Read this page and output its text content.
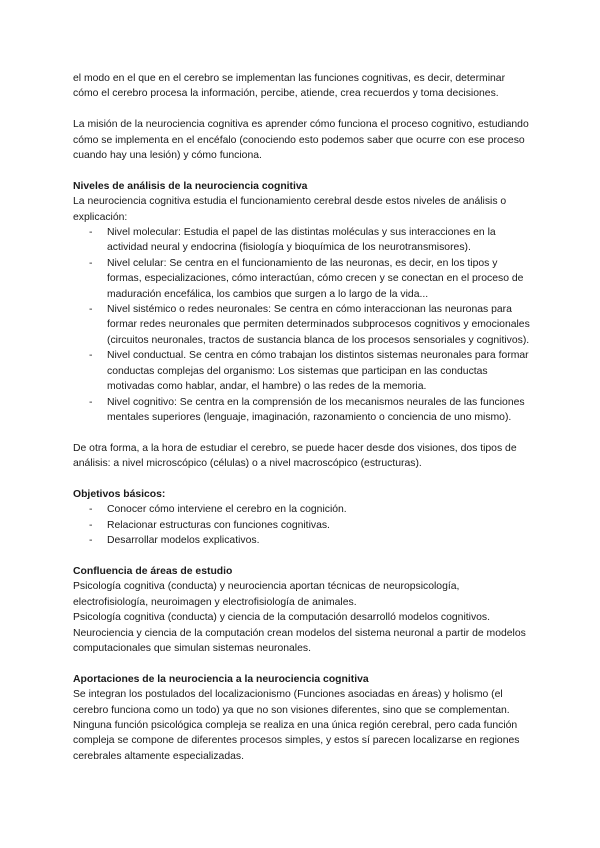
el modo en el que en el cerebro se implementan las funciones cognitivas, es decir, determinar cómo el cerebro procesa la información, percibe, atiende, crea recuerdos y toma decisiones.

La misión de la neurociencia cognitiva es aprender cómo funciona el proceso cognitivo, estudiando cómo se implementa en el encéfalo (conociendo esto podemos saber que ocurre con ese proceso cuando hay una lesión) y cómo funciona.

Niveles de análisis de la neurociencia cognitiva

La neurociencia cognitiva estudia el funcionamiento cerebral desde estos niveles de análisis o explicación:

- Nivel molecular: Estudia el papel de las distintas moléculas y sus interacciones en la actividad neural y endocrina (fisiología y bioquímica de los neurotransmisores).
- Nivel celular: Se centra en el funcionamiento de las neuronas, es decir, en los tipos y formas, especializaciones, cómo interactúan, cómo crecen y se conectan en el proceso de maduración encefálica, los cambios que surgen a lo largo de la vida...
- Nivel sistémico o redes neuronales: Se centra en cómo interaccionan las neuronas para formar redes neuronales que permiten determinados subprocesos cognitivos y emocionales (circuitos neuronales, tractos de sustancia blanca de los procesos sensoriales y cognitivos).
- Nivel conductual. Se centra en cómo trabajan los distintos sistemas neuronales para formar conductas complejas del organismo: Los sistemas que participan en las conductas motivadas como hablar, andar, el hambre) o las redes de la memoria.
- Nivel cognitivo: Se centra en la comprensión de los mecanismos neurales de las funciones mentales superiores (lenguaje, imaginación, razonamiento o conciencia de uno mismo).

De otra forma, a la hora de estudiar el cerebro, se puede hacer desde dos visiones, dos tipos de análisis: a nivel microscópico (células) o a nivel macroscópico (estructuras).

Objetivos básicos:

- Conocer cómo interviene el cerebro en la cognición.
- Relacionar estructuras con funciones cognitivas.
- Desarrollar modelos explicativos.

Confluencia de áreas de estudio

Psicología cognitiva (conducta) y neurociencia aportan técnicas de neuropsicología, electrofisiología, neuroimagen y electrofisiología de animales.

Psicología cognitiva (conducta) y ciencia de la computación desarrolló modelos cognitivos.

Neurociencia y ciencia de la computación crean modelos del sistema neuronal a partir de modelos computacionales que simulan sistemas neuronales.

Aportaciones de la neurociencia a la neurociencia cognitiva

Se integran los postulados del localizacionismo (Funciones asociadas en áreas) y holismo (el cerebro funciona como un todo) ya que no son visiones diferentes, sino que se complementan. Ninguna función psicológica compleja se realiza en una única región cerebral, pero cada función compleja se compone de diferentes procesos simples, y estos sí parecen localizarse en regiones cerebrales altamente especializadas.
